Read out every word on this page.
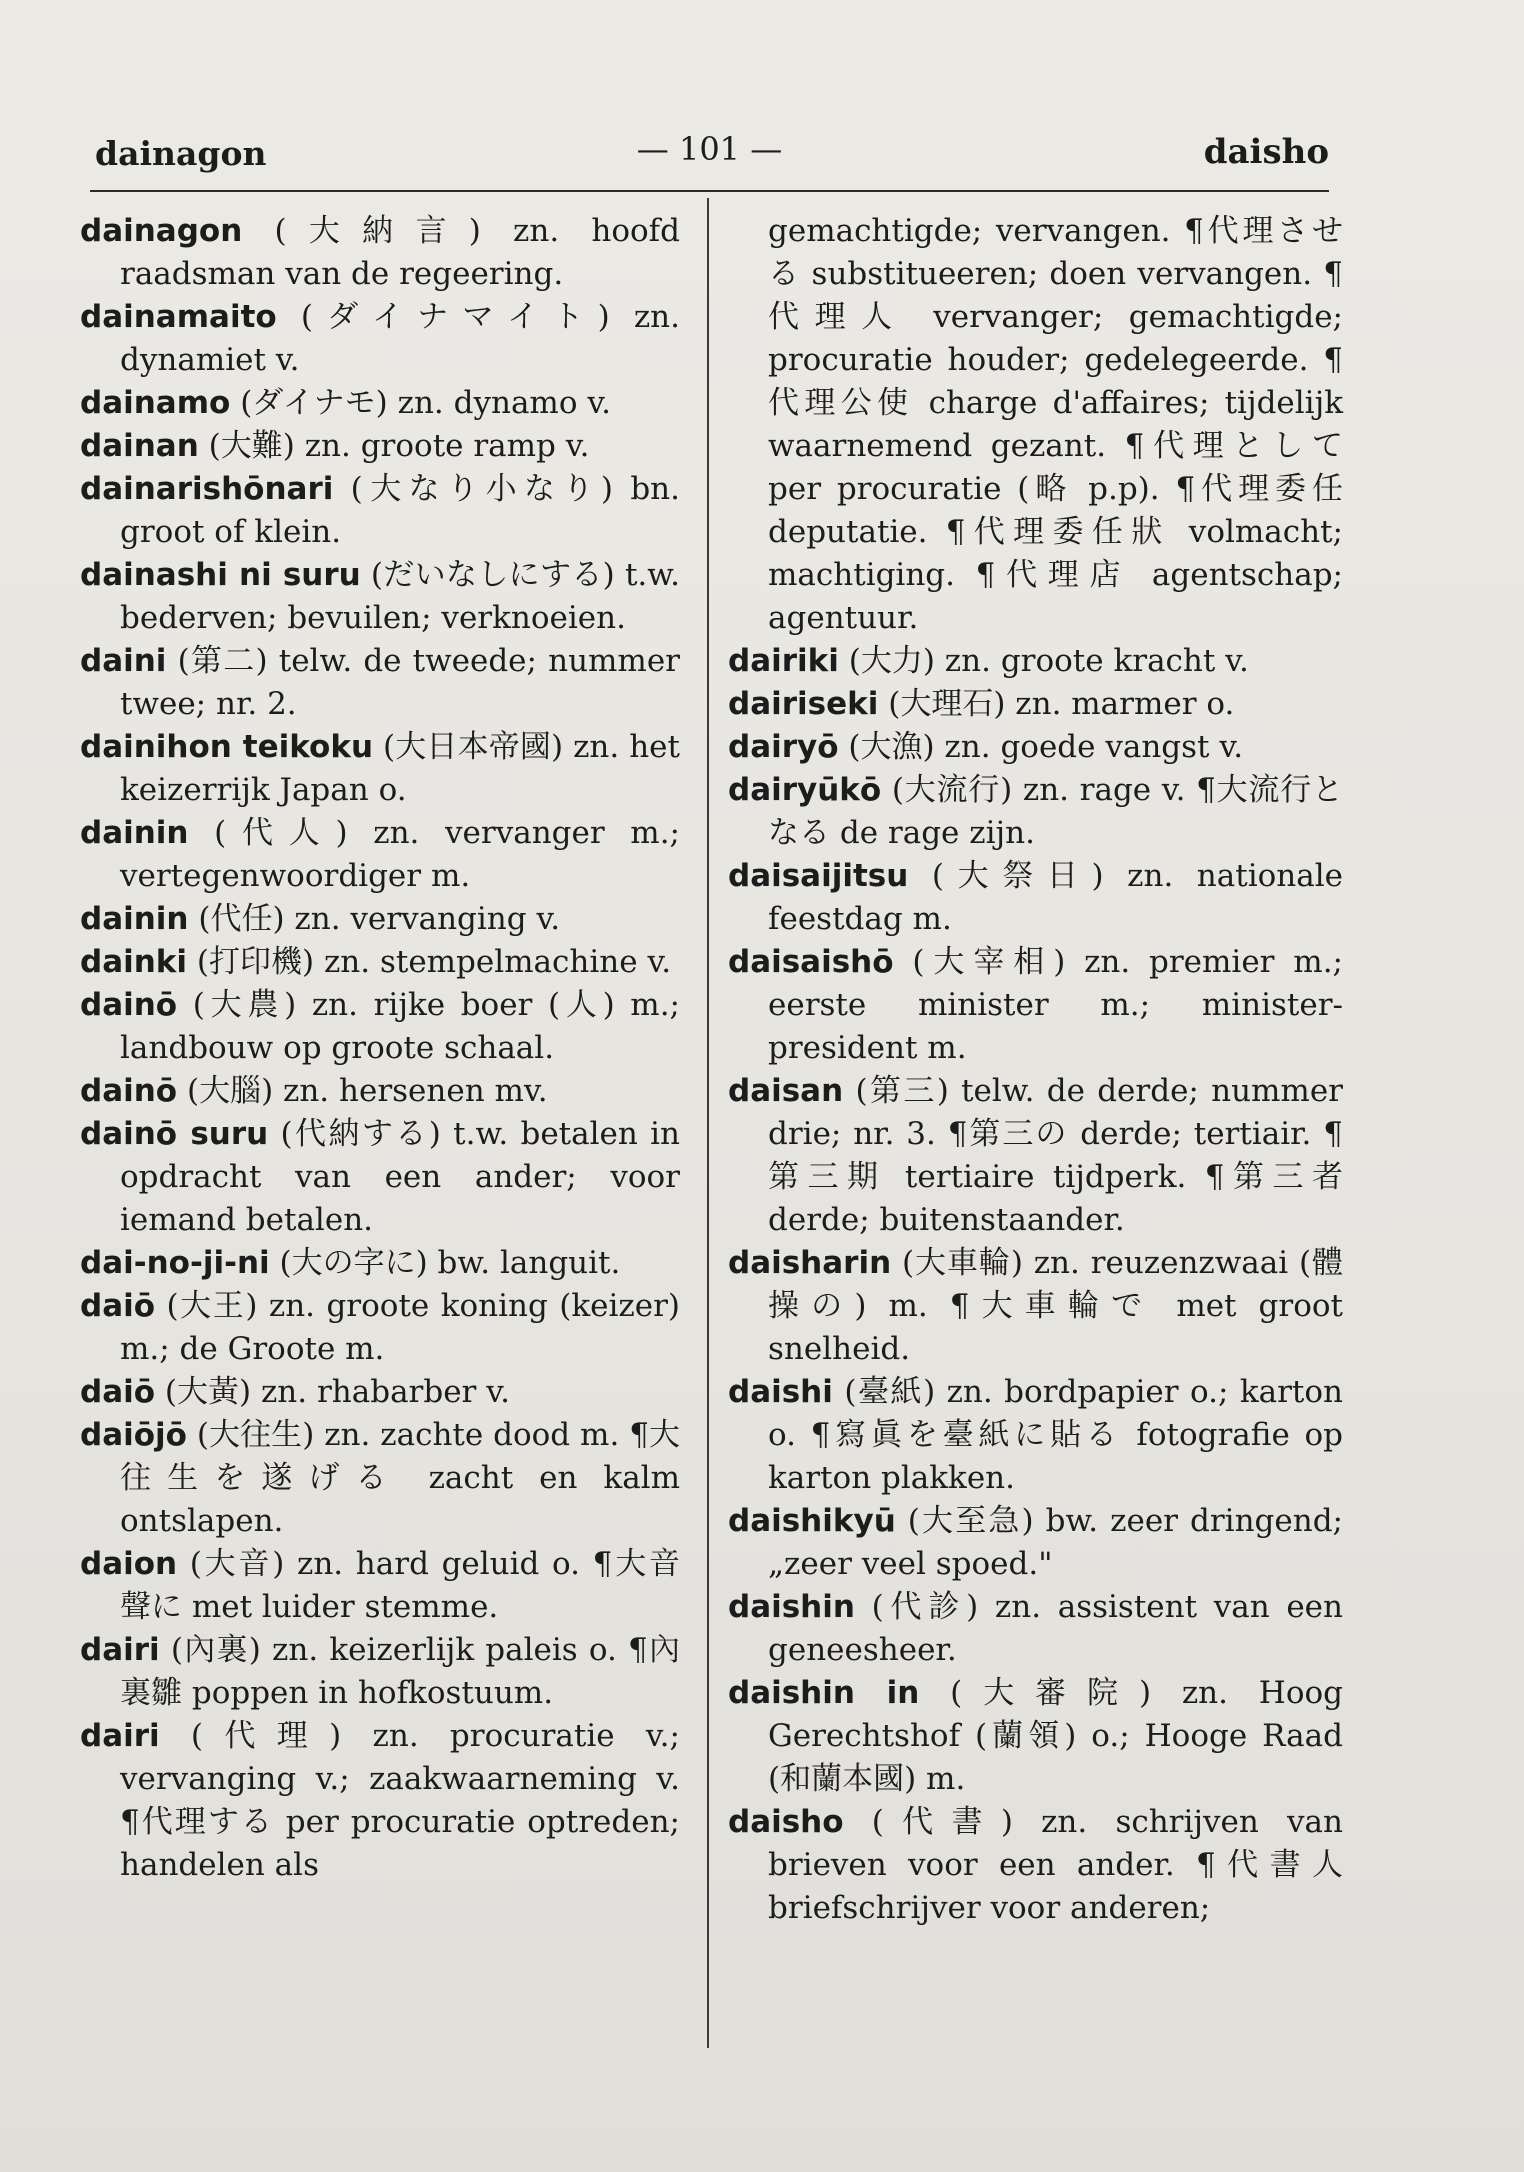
dainagon	— 101 —	daisho

dainagon (大納言) zn. hoofd raadsman van de regeering.

dainamaito (ダイナマイト) zn. dynamiet v.

dainamo (ダイナモ) zn. dynamo v.

dainan (大難) zn. groote ramp v.

dainarishōnari (大なり小なり) bn. groot of klein.

dainashi ni suru (だいなしにする) t.w. bederven; bevuilen; verknoeien.

daini (第二) telw. de tweede; nummer twee; nr. 2.

dainihon teikoku (大日本帝國) zn. het keizerrijk Japan o.

dainin (代人) zn. vervanger m.; vertegenwoordiger m.

dainin (代任) zn. vervanging v.

dainki (打印機) zn. stempelmachine v.

dainō (大農) zn. rijke boer (人) m.; landbouw op groote schaal.

dainō (大腦) zn. hersenen mv.

dainō suru (代納する) t.w. betalen in opdracht van een ander; voor iemand betalen.

dai-no-ji-ni (大の字に) bw. languit.

daiō (大王) zn. groote koning (keizer) m.; de Groote m.

daiō (大黃) zn. rhabarber v.

daiōjō (大往生) zn. zachte dood m. ¶大往生を遂げる zacht en kalm ontslapen.

daion (大音) zn. hard geluid o. ¶大音聲に met luider stemme.

dairi (內裏) zn. keizerlijk paleis o. ¶內裏雛 poppen in hofkostuum.

dairi (代理) zn. procuratie v.; vervanging v.; zaakwaarneming v. ¶代理する per procuratie optreden; handelen als

gemachtigde; vervangen. ¶代理させる substitueeren; doen vervangen. ¶代理人 vervanger; gemachtigde; procuratie houder; gedelegeerde. ¶代理公使 charge d'affaires; tijdelijk waarnemend gezant. ¶代理として per procuratie (略 p.p). ¶代理委任 deputatie. ¶代理委任狀 volmacht; machtiging. ¶代理店 agentschap; agentuur.

dairiki (大力) zn. groote kracht v.

dairiseki (大理石) zn. marmer o.

dairyō (大漁) zn. goede vangst v.

dairyūkō (大流行) zn. rage v. ¶大流行となる de rage zijn.

daisaijitsu (大祭日) zn. nationale feestdag m.

daisaishō (大宰相) zn. premier m.; eerste minister m.; minister-president m.

daisan (第三) telw. de derde; nummer drie; nr. 3. ¶第三の derde; tertiair. ¶第三期 tertiaire tijdperk. ¶第三者 derde; buitenstaander.

daisharin (大車輪) zn. reuzenzwaai (體操の) m. ¶大車輪で met groot snelheid.

daishi (臺紙) zn. bordpapier o.; karton o. ¶寫眞を臺紙に貼る fotografie op karton plakken.

daishikyū (大至急) bw. zeer dringend; „zeer veel spoed."

daishin (代診) zn. assistent van een geneesheer.

daishin in (大審院) zn. Hoog Gerechtshof (蘭領) o.; Hooge Raad (和蘭本國) m.

daisho (代書) zn. schrijven van brieven voor een ander. ¶代書人 briefschrijver voor anderen;
